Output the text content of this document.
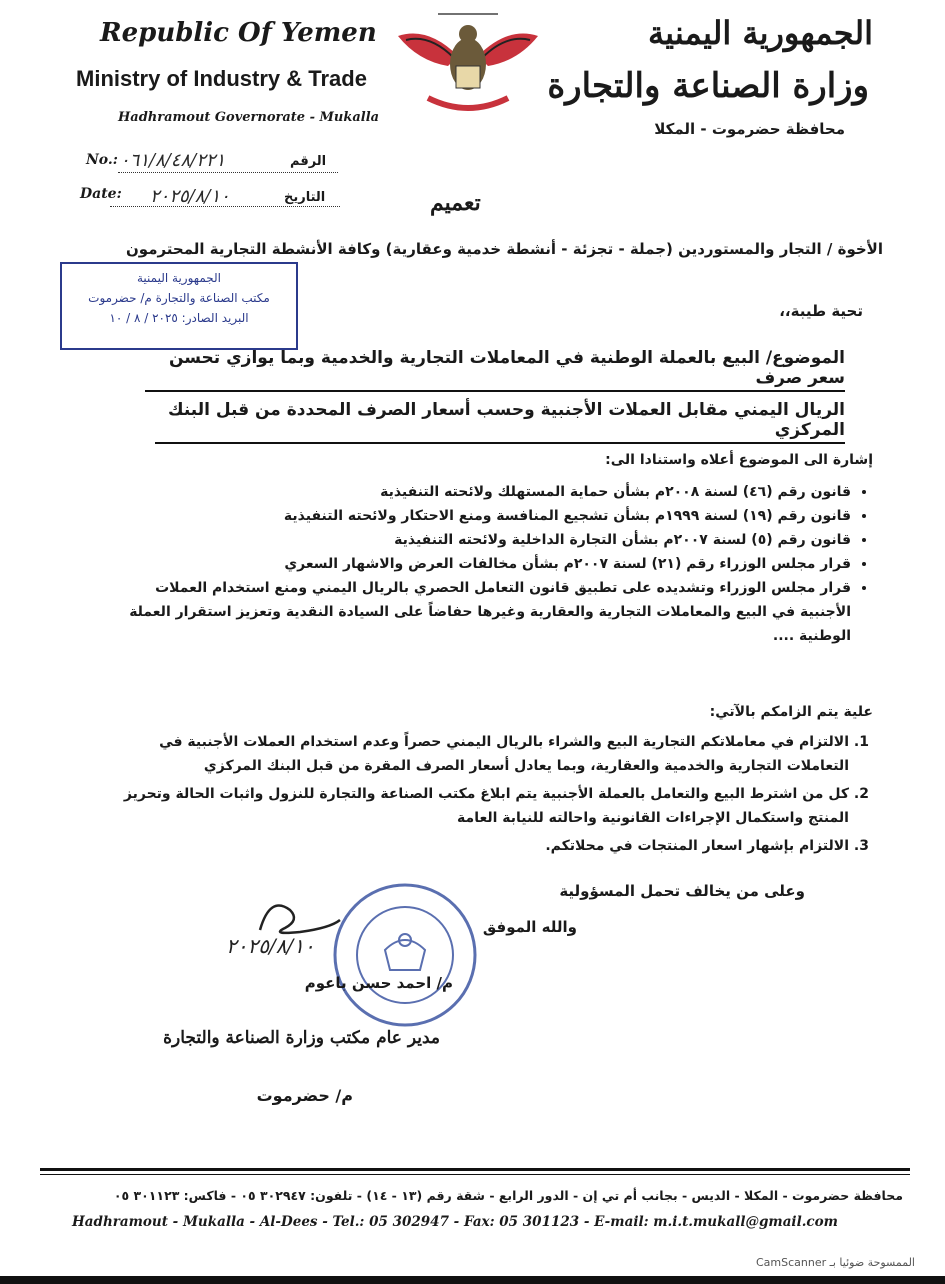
Republic Of Yemen
Ministry of Industry & Trade
Hadhramout Governorate - Mukalla
الجمهورية اليمنية
وزارة الصناعة والتجارة
محافظة حضرموت - المكلا
No.: ٠٦١/٨/٤٨/٢٢١	الرقم
Date: ٢٠٢٥/٨/١٠	التاريخ	تعميم
الجمهورية اليمنية
مكتب الصناعة والتجارة م/ حضرموت
البريد الصادر: ٢٠٢٥ / ٨ / ١٠
الأخوة / التجار والمستوردين (جملة - تجزئة - أنشطة خدمية وعقارية) وكافة الأنشطة التجارية المحترمون
تحية طيبة،،
الموضوع/ البيع بالعملة الوطنية في المعاملات التجارية والخدمية وبما يوازي تحسن سعر صرف
الريال اليمني مقابل العملات الأجنبية وحسب أسعار الصرف المحددة من قبل البنك المركزي
إشارة الى الموضوع أعلاه واستنادا الى:
• قانون رقم (٤٦) لسنة ٢٠٠٨م بشأن حماية المستهلك ولائحته التنفيذية
• قانون رقم (١٩) لسنة ١٩٩٩م بشأن تشجيع المنافسة ومنع الاحتكار ولائحته التنفيذية
• قانون رقم (٥) لسنة ٢٠٠٧م بشأن التجارة الداخلية ولائحته التنفيذية
• قرار مجلس الوزراء رقم (٢١) لسنة ٢٠٠٧م بشأن مخالفات العرض والاشهار السعري
• قرار مجلس الوزراء وتشديده على تطبيق قانون التعامل الحصري بالريال اليمني ومنع استخدام العملات الأجنبية في البيع والمعاملات التجارية والعقارية وغيرها حفاضاً على السيادة النقدية وتعزيز استقرار العملة الوطنية ....
علية يتم الزامكم بالآتي:
1. الالتزام في معاملاتكم التجارية البيع والشراء بالريال اليمني حصراً وعدم استخدام العملات الأجنبية في التعاملات التجارية والخدمية والعقارية، وبما يعادل أسعار الصرف المقرة من قبل البنك المركزي
2. كل من اشترط البيع والتعامل بالعملة الأجنبية يتم ابلاغ مكتب الصناعة والتجارة للنزول واثبات الحالة وتحريز المنتج واستكمال الإجراءات القانونية واحالته للنيابة العامة
3. الالتزام بإشهار اسعار المنتجات في محلاتكم.
وعلى من يخالف تحمل المسؤولية
والله الموفق
٢٠٢٥/٨/١٠
م/ احمد حسن باعوم
مدير عام مكتب وزارة الصناعة والتجارة
م/ حضرموت
محافظة حضرموت - المكلا - الديس - بجانب أم تي إن - الدور الرابع - شقة رقم (١٣ - ١٤) - تلفون: ٣٠٢٩٤٧ ٠٥ - فاكس: ٣٠١١٢٣ ٠٥
Hadhramout - Mukalla - Al-Dees - Tel.: 05 302947 - Fax: 05 301123 - E-mail: m.i.t.mukall@gmail.com
الممسوحة ضوئيا بـ CamScanner
